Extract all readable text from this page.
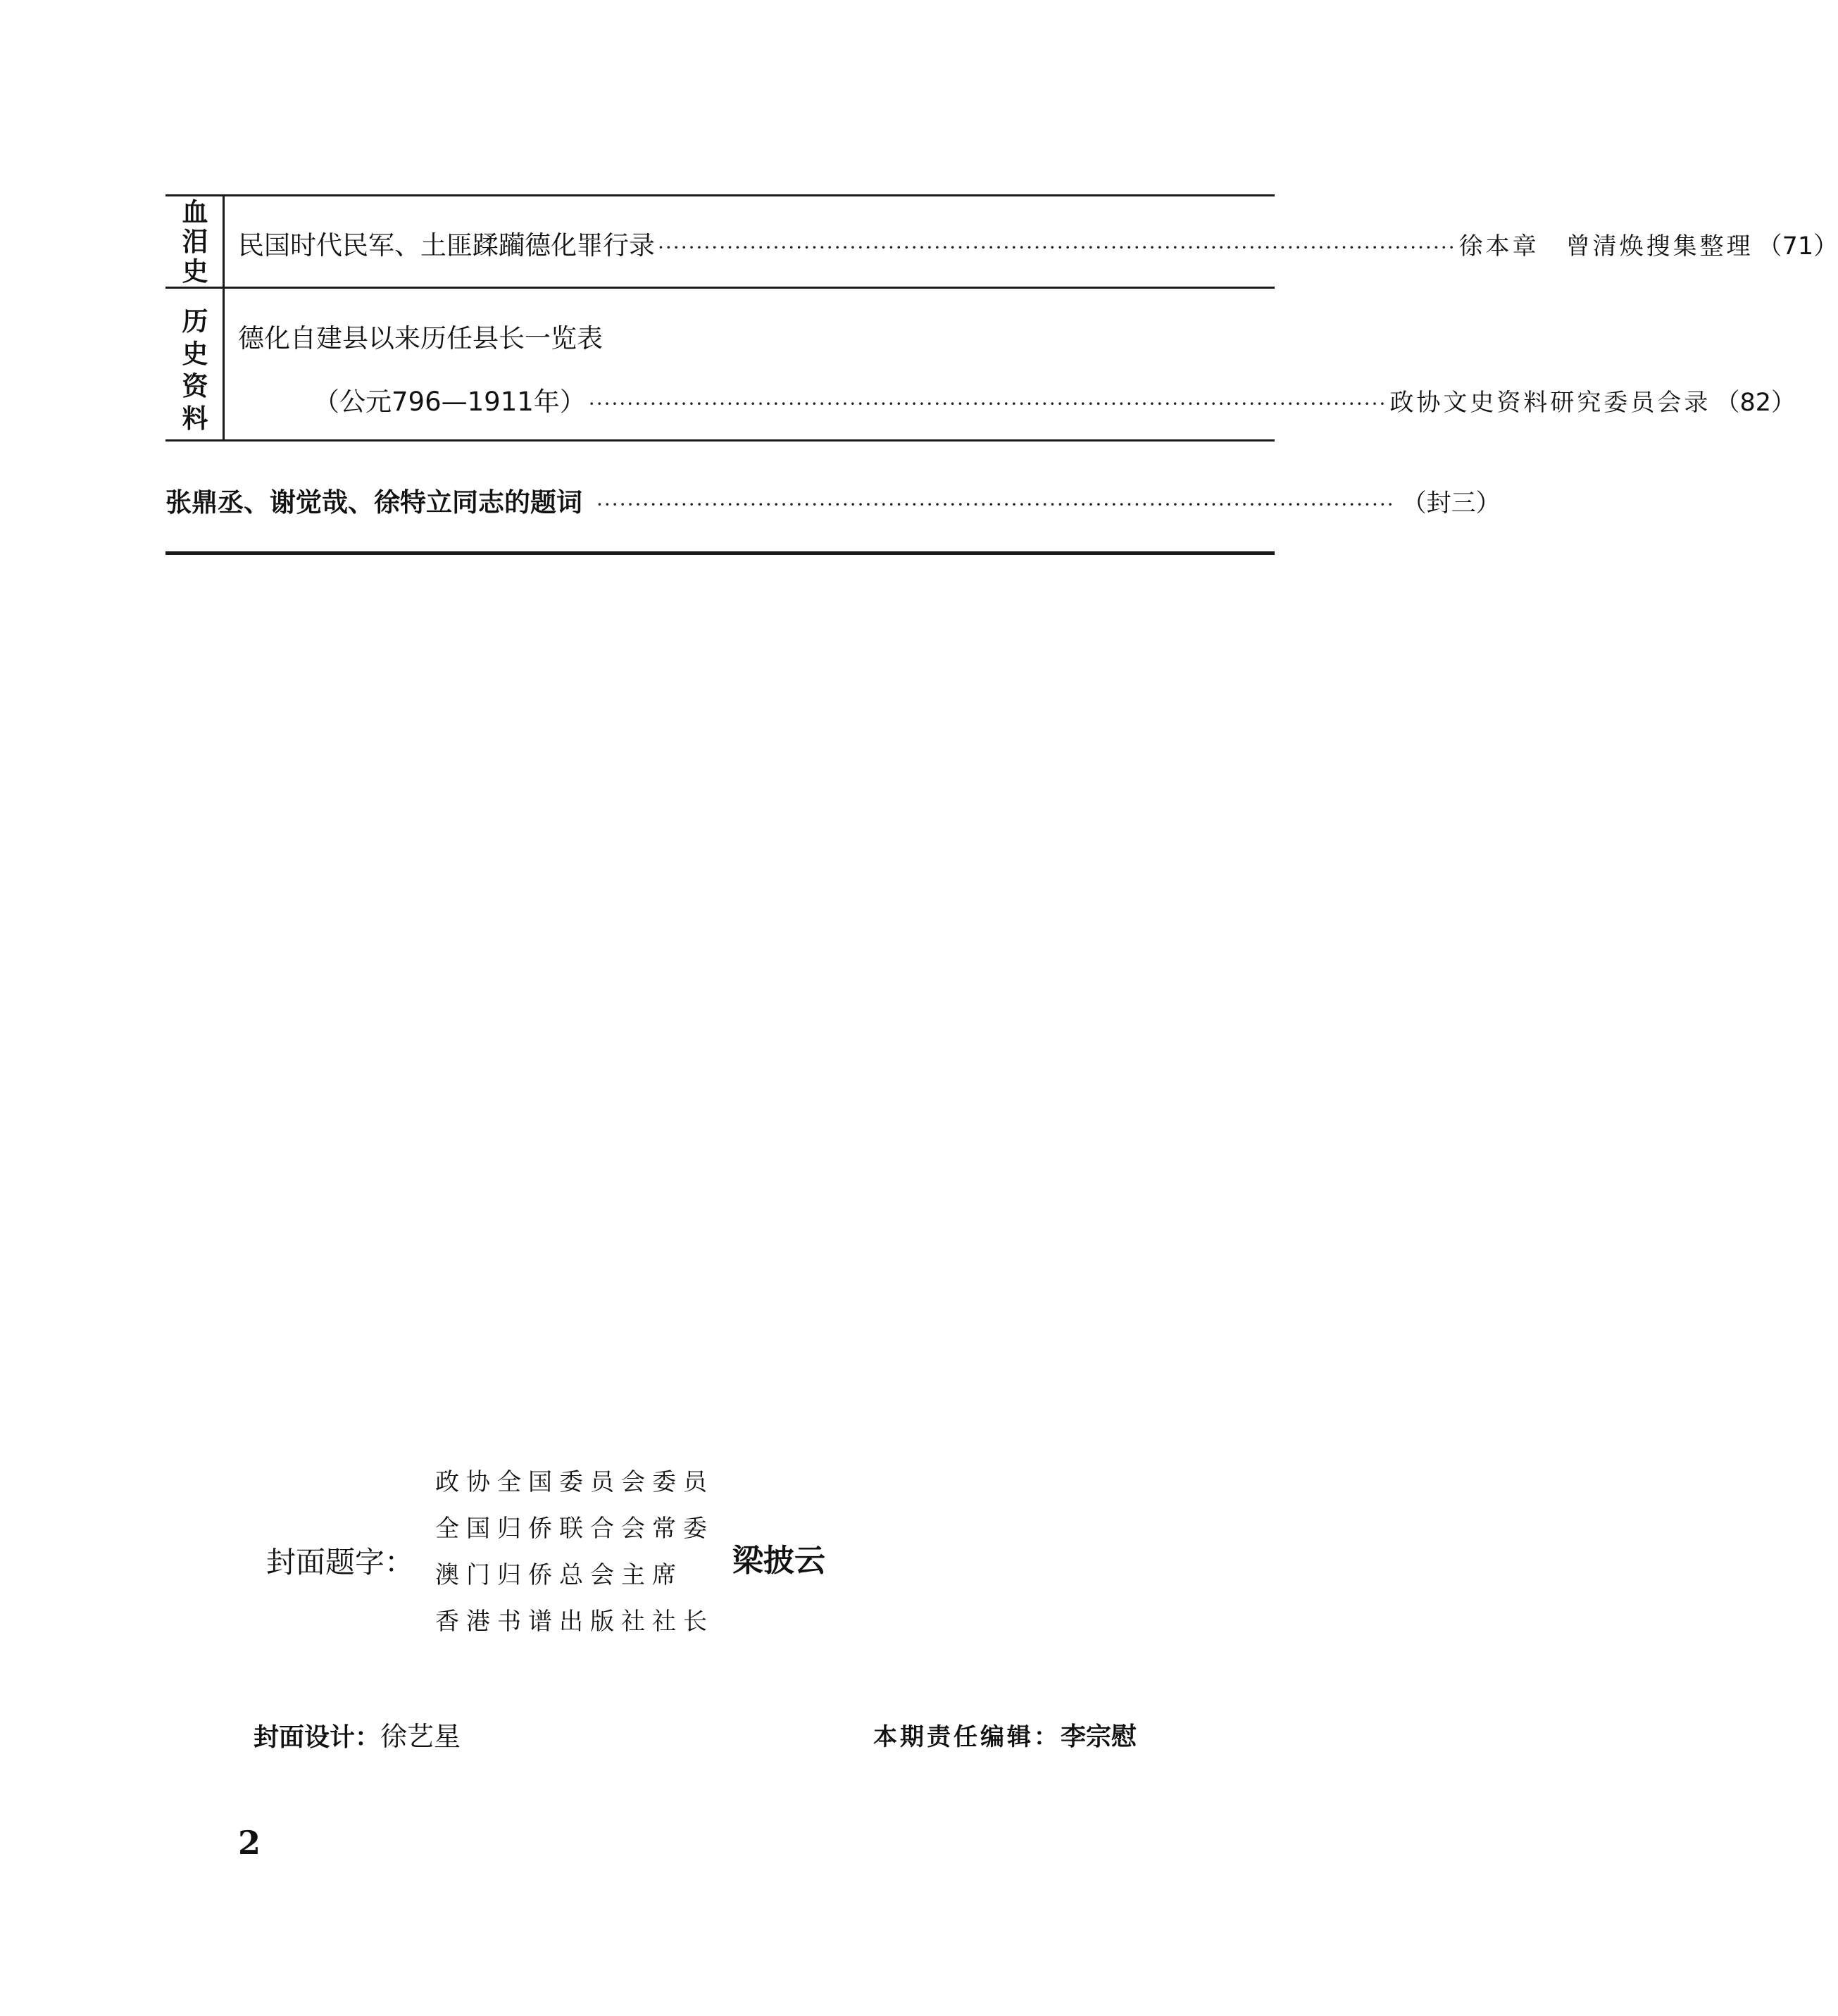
血
泪
史
民国时代民军、土匪蹂躏德化罪行录 ········································································································ 徐本章　曾清焕搜集整理 （71）
历
史
资
料
德化自建县以来历任县长一览表
（公元796—1911年） ········································································································ 政协文史资料研究委员会录 （82）
张鼎丞、谢觉哉、徐特立同志的题词 ········································································································ （封三）
封面题字：
政协全国委员会委员
全国归侨联合会常委
澳门归侨总会主席
香港书谱出版社社长
梁披云
封面设计： 徐艺星	本期责任编辑： 李宗慰
2
